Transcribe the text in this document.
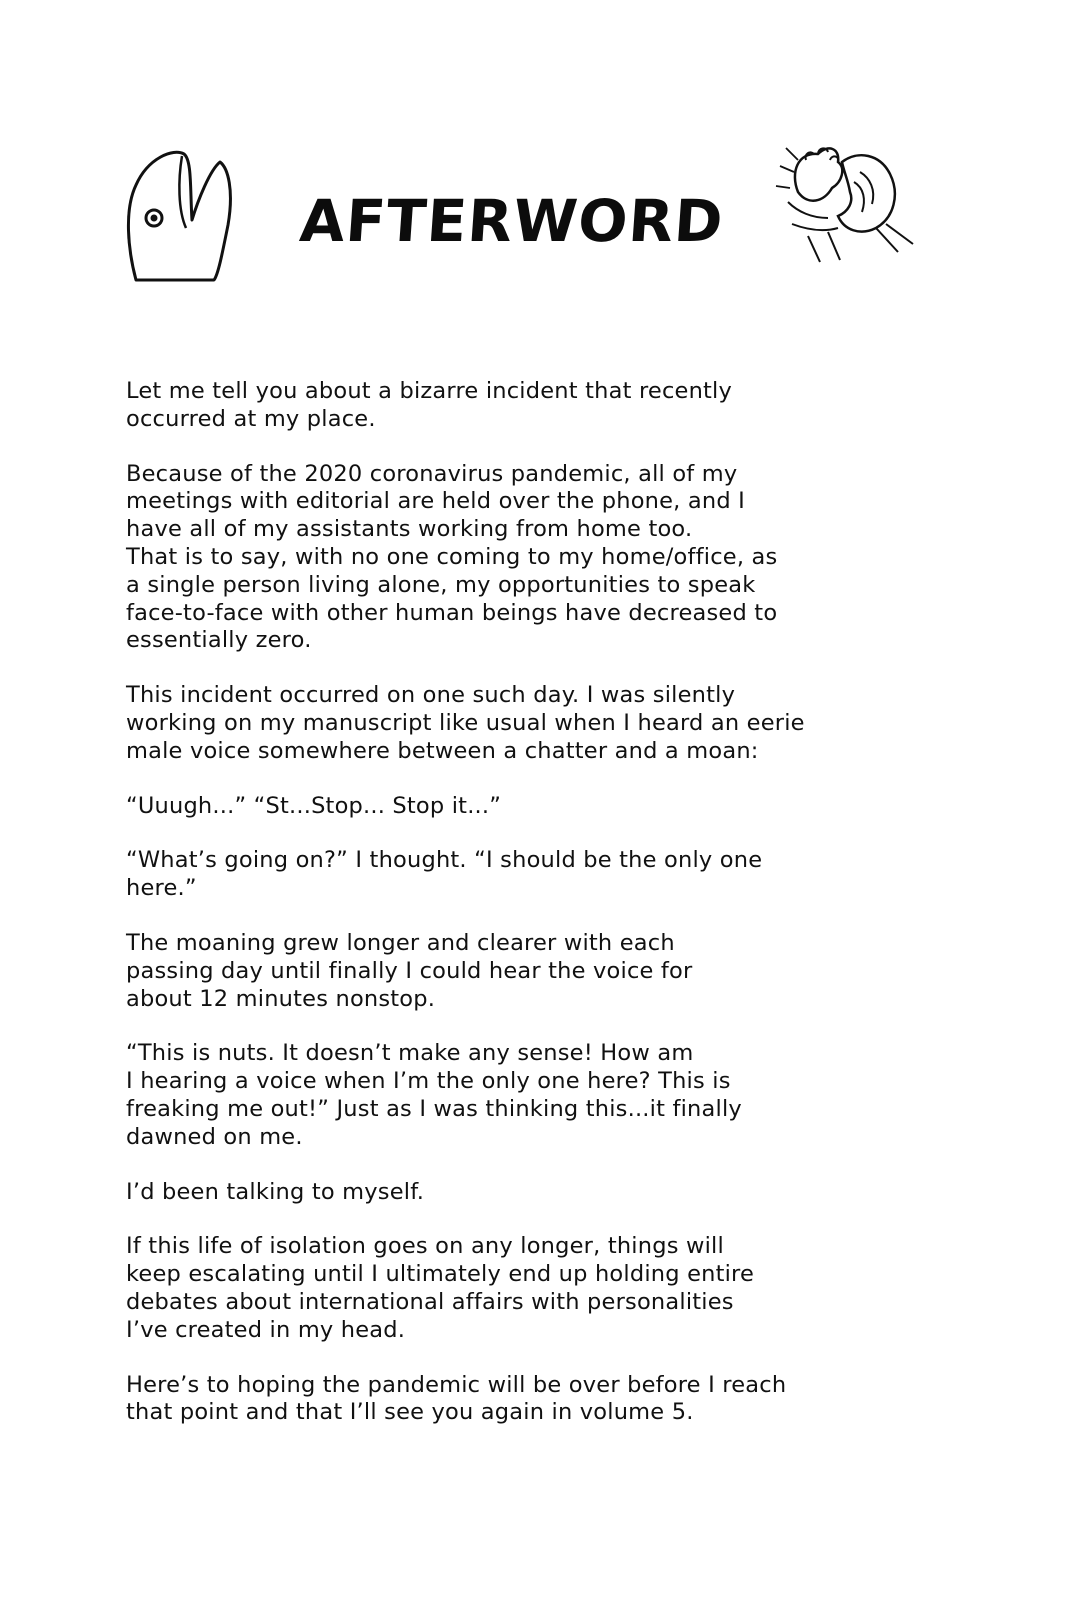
AFTERWORD

Let me tell you about a bizarre incident that recently
occurred at my place.

Because of the 2020 coronavirus pandemic, all of my
meetings with editorial are held over the phone, and I
have all of my assistants working from home too.
That is to say, with no one coming to my home/office, as
a single person living alone, my opportunities to speak
face-to-face with other human beings have decreased to
essentially zero.

This incident occurred on one such day. I was silently
working on my manuscript like usual when I heard an eerie
male voice somewhere between a chatter and a moan:

“Uuugh...” “St...Stop... Stop it...”

“What’s going on?” I thought. “I should be the only one
here.”

The moaning grew longer and clearer with each
passing day until finally I could hear the voice for
about 12 minutes nonstop.

“This is nuts. It doesn’t make any sense! How am
I hearing a voice when I’m the only one here? This is
freaking me out!” Just as I was thinking this...it finally
dawned on me.

I’d been talking to myself.

If this life of isolation goes on any longer, things will
keep escalating until I ultimately end up holding entire
debates about international affairs with personalities
I’ve created in my head.

Here’s to hoping the pandemic will be over before I reach
that point and that I’ll see you again in volume 5.
